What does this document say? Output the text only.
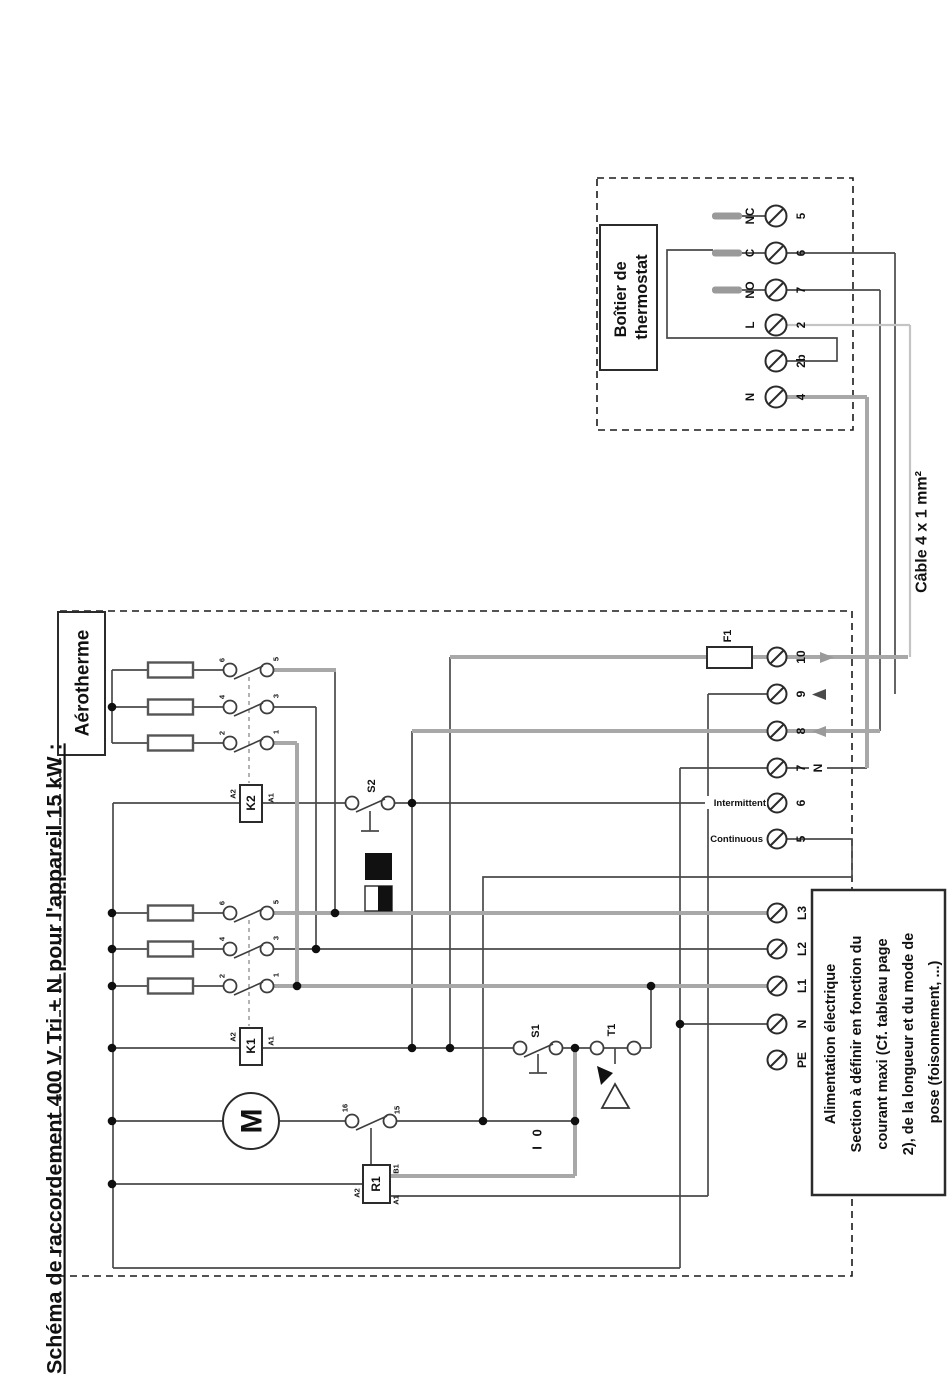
Schéma de raccordement 400 V Tri + N pour l'appareil 15 kW :
Aérotherme
Boîtier de thermostat
Câble 4 x 1 mm²
Alimentation électrique Section à définir en fonction du courant maxi (Cf. tableau page 2), de la longueur et du mode de pose (foisonnement, ...)
NC
C
NO
L
N
5
6
7
2
2b
4
10
9
8
7
6
5
N
Intermittent
Continuous
L3
L2
L1
N
PE
F1
K2
K1
R1
S2
S1	T1
M
0 I
A2	A1
A2	A1
A2
B1
A1
6	5
4	3
2	1
6	5
4	3
2	1
16	15
